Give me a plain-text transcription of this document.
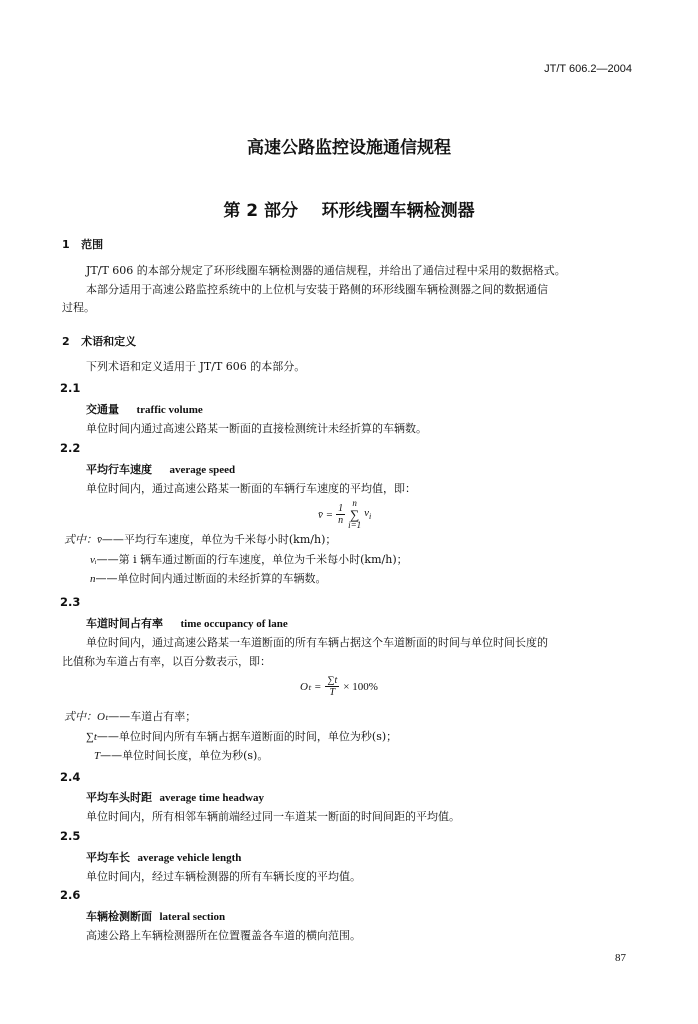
JT/T 606.2—2004
高速公路监控设施通信规程
第 2 部分    环形线圈车辆检测器
1   范围
JT/T 606 的本部分规定了环形线圈车辆检测器的通信规程，并给出了通信过程中采用的数据格式。
本部分适用于高速公路监控系统中的上位机与安装于路侧的环形线圈车辆检测器之间的数据通信
过程。
2   术语和定义
下列术语和定义适用于 JT/T 606 的本部分。
2.1
交通量 traffic volume
单位时间内通过高速公路某一断面的直接检测统计未经折算的车辆数。
2.2
平均行车速度 average speed
单位时间内，通过高速公路某一断面的车辆行车速度的平均值，即：
v̄ = $\frac{1}{n}$ n
∑
i=1
$v_i$
式中：v̄——平均行车速度，单位为千米每小时(km/h)；
vᵢ——第 i 辆车通过断面的行车速度，单位为千米每小时(km/h)；
n——单位时间内通过断面的未经折算的车辆数。
2.3
车道时间占有率 time occupancy of lane
单位时间内，通过高速公路某一车道断面的所有车辆占据这个车道断面的时间与单位时间长度的
比值称为车道占有率，以百分数表示，即：
$O_t = \frac{\sum t}{T} \times 100\%$
式中：Oₜ——车道占有率；
∑t——单位时间内所有车辆占据车道断面的时间，单位为秒(s)；
T——单位时间长度，单位为秒(s)。
2.4
平均车头时距 average time headway
单位时间内，所有相邻车辆前端经过同一车道某一断面的时间间距的平均值。
2.5
平均车长 average vehicle length
单位时间内，经过车辆检测器的所有车辆长度的平均值。
2.6
车辆检测断面 lateral section
高速公路上车辆检测器所在位置覆盖各车道的横向范围。
87
